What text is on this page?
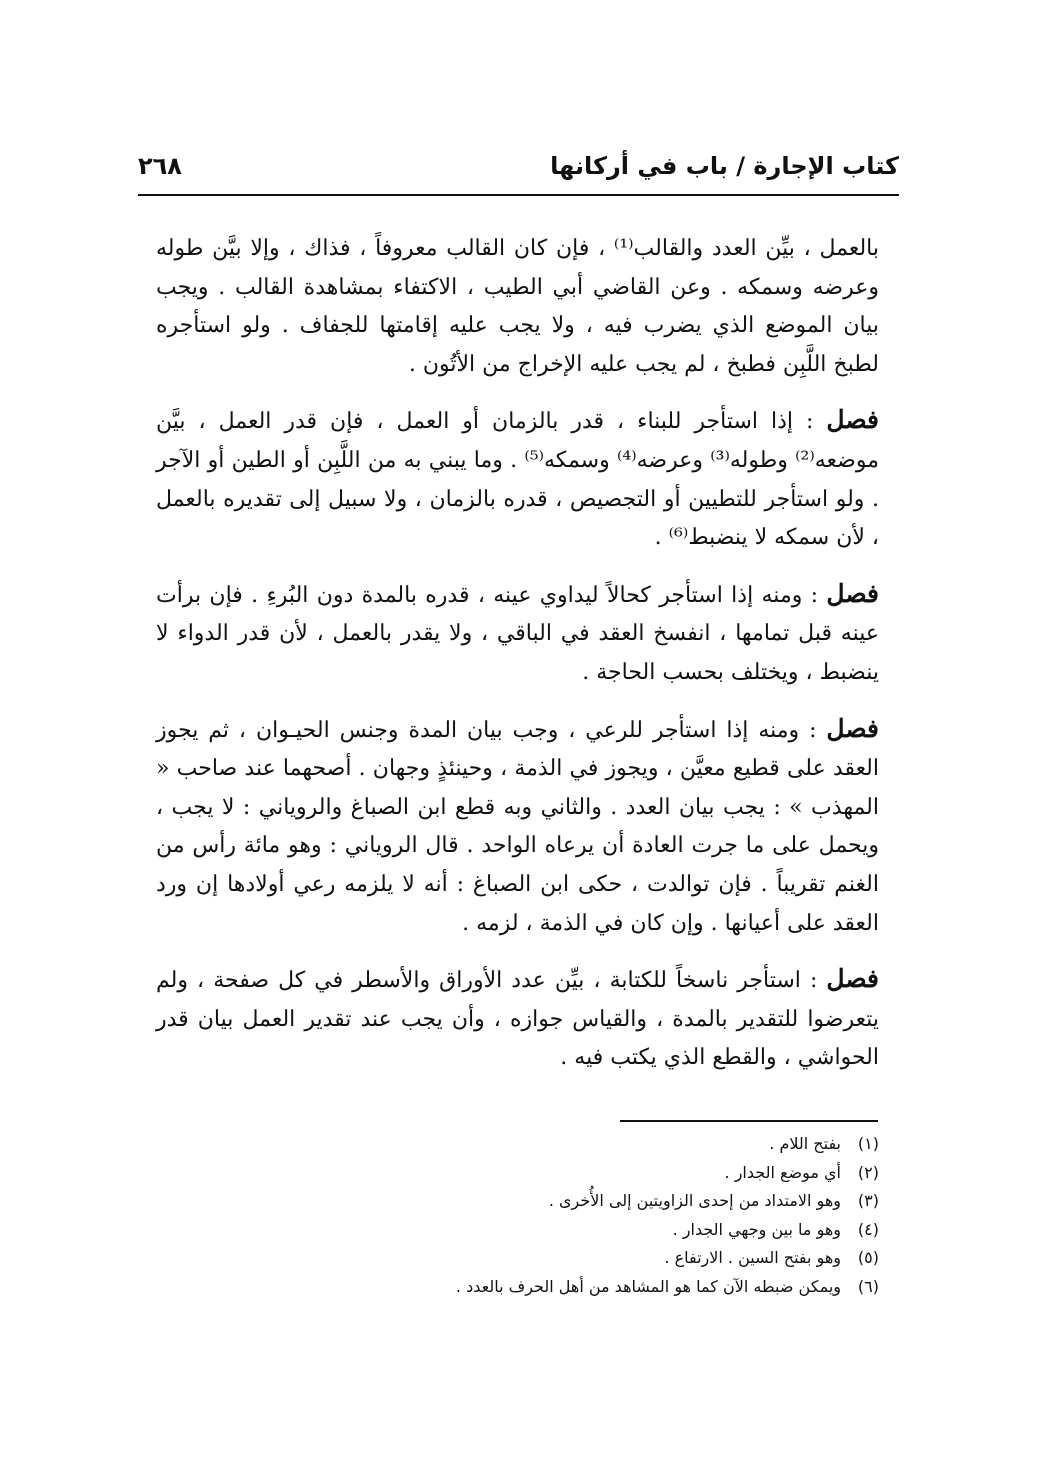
كتاب الإجارة / باب في أركانها
٢٦٨

بالعمل ، بيِّن العدد والقالب⁽¹⁾ ، فإن كان القالب معروفاً ، فذاك ، وإلا بيَّن طوله وعرضه وسمكه . وعن القاضي أبي الطيب ، الاكتفاء بمشاهدة القالب . ويجب بيان الموضع الذي يضرب فيه ، ولا يجب عليه إقامتها للجفاف . ولو استأجره لطبخ اللَّبِن فطبخ ، لم يجب عليه الإخراج من الأتُون .

فصل : إذا استأجر للبناء ، قدر بالزمان أو العمل ، فإن قدر العمل ، بيَّن موضعه⁽²⁾ وطوله⁽³⁾ وعرضه⁽⁴⁾ وسمكه⁽⁵⁾ . وما يبني به من اللَّبِن أو الطين أو الآجر . ولو استأجر للتطيين أو التجصيص ، قدره بالزمان ، ولا سبيل إلى تقديره بالعمل ، لأن سمكه لا ينضبط⁽⁶⁾ .

فصل : ومنه إذا استأجر كحالاً ليداوي عينه ، قدره بالمدة دون البُرءِ . فإن برأت عينه قبل تمامها ، انفسخ العقد في الباقي ، ولا يقدر بالعمل ، لأن قدر الدواء لا ينضبط ، ويختلف بحسب الحاجة .

فصل : ومنه إذا استأجر للرعي ، وجب بيان المدة وجنس الحيـوان ، ثم يجوز العقد على قطيع معيَّن ، ويجوز في الذمة ، وحينئذٍ وجهان . أصحهما عند صاحب « المهذب » : يجب بيان العدد . والثاني وبه قطع ابن الصباغ والروياني : لا يجب ، ويحمل على ما جرت العادة أن يرعاه الواحد . قال الروياني : وهو مائة رأس من الغنم تقريباً . فإن توالدت ، حكى ابن الصباغ : أنه لا يلزمه رعي أولادها إن ورد العقد على أعيانها . وإن كان في الذمة ، لزمه .

فصل : استأجر ناسخاً للكتابة ، بيِّن عدد الأوراق والأسطر في كل صفحة ، ولم يتعرضوا للتقدير بالمدة ، والقياس جوازه ، وأن يجب عند تقدير العمل بيان قدر الحواشي ، والقطع الذي يكتب فيه .

(١)
بفتح اللام .
(٢)
أي موضع الجدار .
(٣)
وهو الامتداد من إحدى الزاويتين إلى الأُخرى .
(٤)
وهو ما بين وجهي الجدار .
(٥)
وهو بفتح السين . الارتفاع .
(٦)
ويمكن ضبطه الآن كما هو المشاهد من أهل الحرف بالعدد .
